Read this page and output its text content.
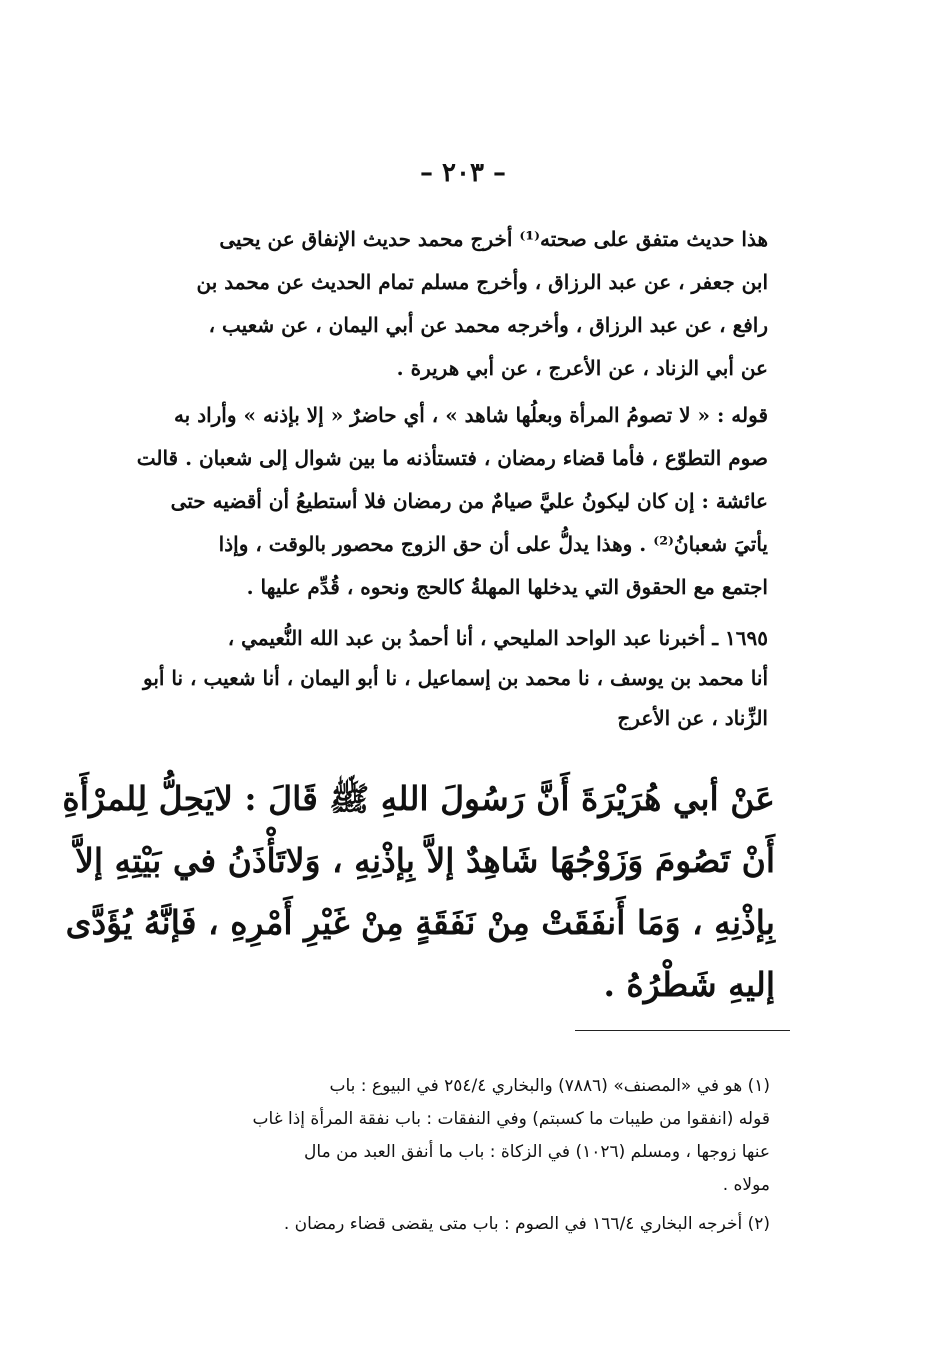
– ٢٠٣ –
هذا حديث متفق على صحته⁽¹⁾ أخرج محمد حديث الإنفاق عن يحيى
ابن جعفر ، عن عبد الرزاق ، وأخرج مسلم تمام الحديث عن محمد بن
رافع ، عن عبد الرزاق ، وأخرجه محمد عن أبي اليمان ، عن شعيب ،
عن أبي الزناد ، عن الأعرج ، عن أبي هريرة .
قوله : « لا تصومُ المرأة وبعلُها شاهد » ، أي حاضرٌ « إلا بإذنه » وأراد به
صوم التطوّع ، فأما قضاء رمضان ، فتستأذنه ما بين شوال إلى شعبان . قالت
عائشة : إن كان ليكونُ عليَّ صيامٌ من رمضان فلا أستطيعُ أن أقضيه حتى
يأتيَ شعبانُ⁽²⁾ . وهذا يدلُّ على أن حق الزوج محصور بالوقت ، وإذا
اجتمع مع الحقوق التي يدخلها المهلةُ كالحج ونحوه ، قُدِّم عليها .
١٦٩٥ ـ أخبرنا عبد الواحد المليحي ، أنا أحمدُ بن عبد الله النُّعيمي ،
أنا محمد بن يوسف ، نا محمد بن إسماعيل ، نا أبو اليمان ، أنا شعيب ، نا أبو
الزِّناد ، عن الأعرج
عَنْ أبي هُرَيْرَةَ أَنَّ رَسُولَ اللهِ ﷺ قَالَ : لايَحِلُّ لِلمرْأَةِ
أَنْ تَصُومَ وَزَوْجُهَا شَاهِدٌ إلاَّ بِإذْنِهِ ، وَلاتَأْذَنُ في بَيْتِهِ إلاَّ
بِإذْنِهِ ، وَمَا أَنفَقَتْ مِنْ نَفَقَةٍ مِنْ غَيْرِ أَمْرِهِ ، فَإنَّهُ يُؤَدَّى
إليهِ شَطْرُهُ .
(١) هو في «المصنف» (٧٨٨٦) والبخاري ٢٥٤/٤ في البيوع : باب
قوله (انفقوا من طيبات ما كسبتم) وفي النفقات : باب نفقة المرأة إذا غاب
عنها زوجها ، ومسلم (١٠٢٦) في الزكاة : باب ما أنفق العبد من مال
مولاه .
(٢) أخرجه البخاري ١٦٦/٤ في الصوم : باب متى يقضى قضاء رمضان .
